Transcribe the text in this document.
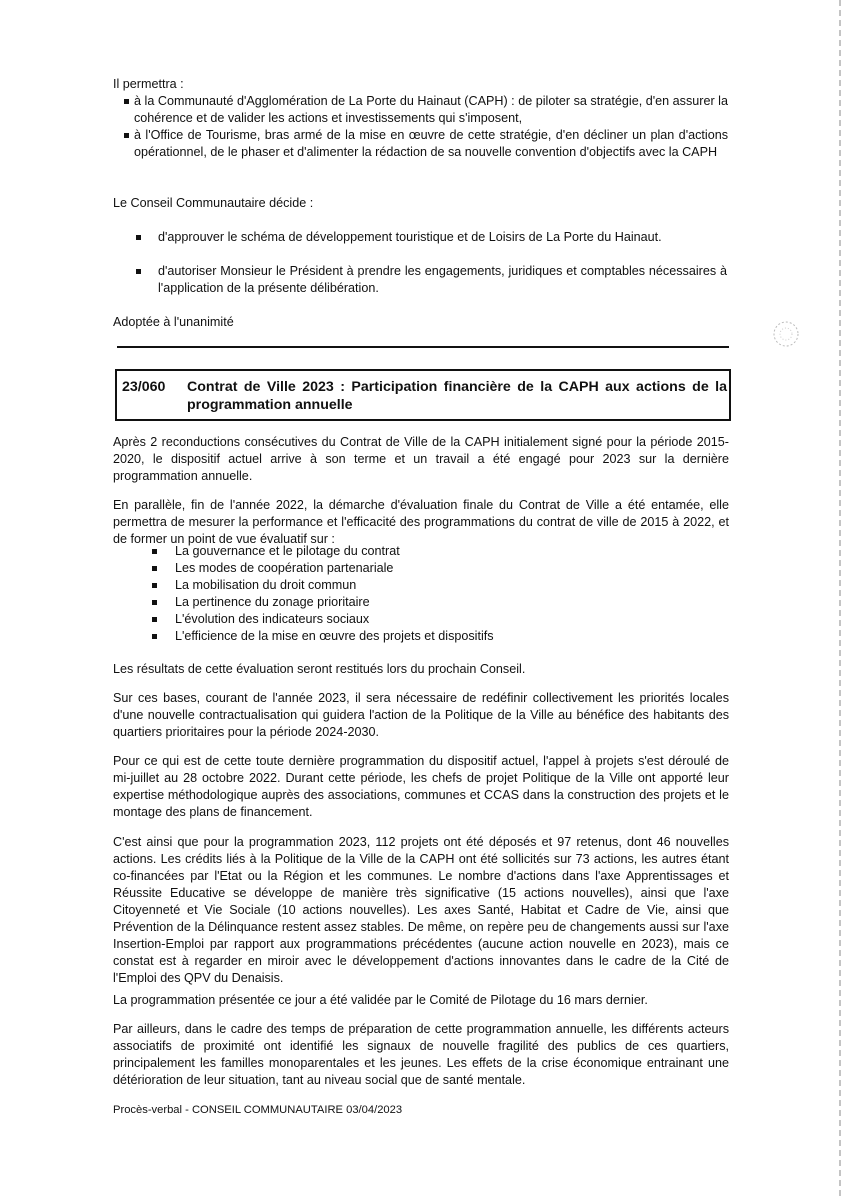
Il permettra :

à la Communauté d'Agglomération de La Porte du Hainaut (CAPH) : de piloter sa stratégie, d'en assurer la cohérence et de valider les actions et investissements qui s'imposent,
à l'Office de Tourisme, bras armé de la mise en œuvre de cette stratégie, d'en décliner un plan d'actions opérationnel, de le phaser et d'alimenter la rédaction de sa nouvelle convention d'objectifs avec la CAPH

Le Conseil Communautaire décide :

d'approuver le schéma de développement touristique et de Loisirs de La Porte du Hainaut.
d'autoriser Monsieur le Président à prendre les engagements, juridiques et comptables nécessaires à l'application de la présente délibération.

Adoptée à l'unanimité

23/060 Contrat de Ville 2023 : Participation financière de la CAPH aux actions de la programmation annuelle

Après 2 reconductions consécutives du Contrat de Ville de la CAPH initialement signé pour la période 2015-2020, le dispositif actuel arrive à son terme et un travail a été engagé pour 2023 sur la dernière programmation annuelle.

En parallèle, fin de l'année 2022, la démarche d'évaluation finale du Contrat de Ville a été entamée, elle permettra de mesurer la performance et l'efficacité des programmations du contrat de ville de 2015 à 2022, et de former un point de vue évaluatif sur :

La gouvernance et le pilotage du contrat
Les modes de coopération partenariale
La mobilisation du droit commun
La pertinence du zonage prioritaire
L'évolution des indicateurs sociaux
L'efficience de la mise en œuvre des projets et dispositifs

Les résultats de cette évaluation seront restitués lors du prochain Conseil.

Sur ces bases, courant de l'année 2023, il sera nécessaire de redéfinir collectivement les priorités locales d'une nouvelle contractualisation qui guidera l'action de la Politique de la Ville au bénéfice des habitants des quartiers prioritaires pour la période 2024-2030.

Pour ce qui est de cette toute dernière programmation du dispositif actuel, l'appel à projets s'est déroulé de mi-juillet au 28 octobre 2022. Durant cette période, les chefs de projet Politique de la Ville ont apporté leur expertise méthodologique auprès des associations, communes et CCAS dans la construction des projets et le montage des plans de financement.

C'est ainsi que pour la programmation 2023, 112 projets ont été déposés et 97 retenus, dont 46 nouvelles actions. Les crédits liés à la Politique de la Ville de la CAPH ont été sollicités sur 73 actions, les autres étant co-financées par l'Etat ou la Région et les communes. Le nombre d'actions dans l'axe Apprentissages et Réussite Educative se développe de manière très significative (15 actions nouvelles), ainsi que l'axe Citoyenneté et Vie Sociale (10 actions nouvelles). Les axes Santé, Habitat et Cadre de Vie, ainsi que Prévention de la Délinquance restent assez stables. De même, on repère peu de changements aussi sur l'axe Insertion-Emploi par rapport aux programmations précédentes (aucune action nouvelle en 2023), mais ce constat est à regarder en miroir avec le développement d'actions innovantes dans le cadre de la Cité de l'Emploi des QPV du Denaisis.

La programmation présentée ce jour a été validée par le Comité de Pilotage du 16 mars dernier.

Par ailleurs, dans le cadre des temps de préparation de cette programmation annuelle, les différents acteurs associatifs de proximité ont identifié les signaux de nouvelle fragilité des publics de ces quartiers, principalement les familles monoparentales et les jeunes. Les effets de la crise économique entrainant une détérioration de leur situation, tant au niveau social que de santé mentale.

Procès-verbal - CONSEIL COMMUNAUTAIRE 03/04/2023
